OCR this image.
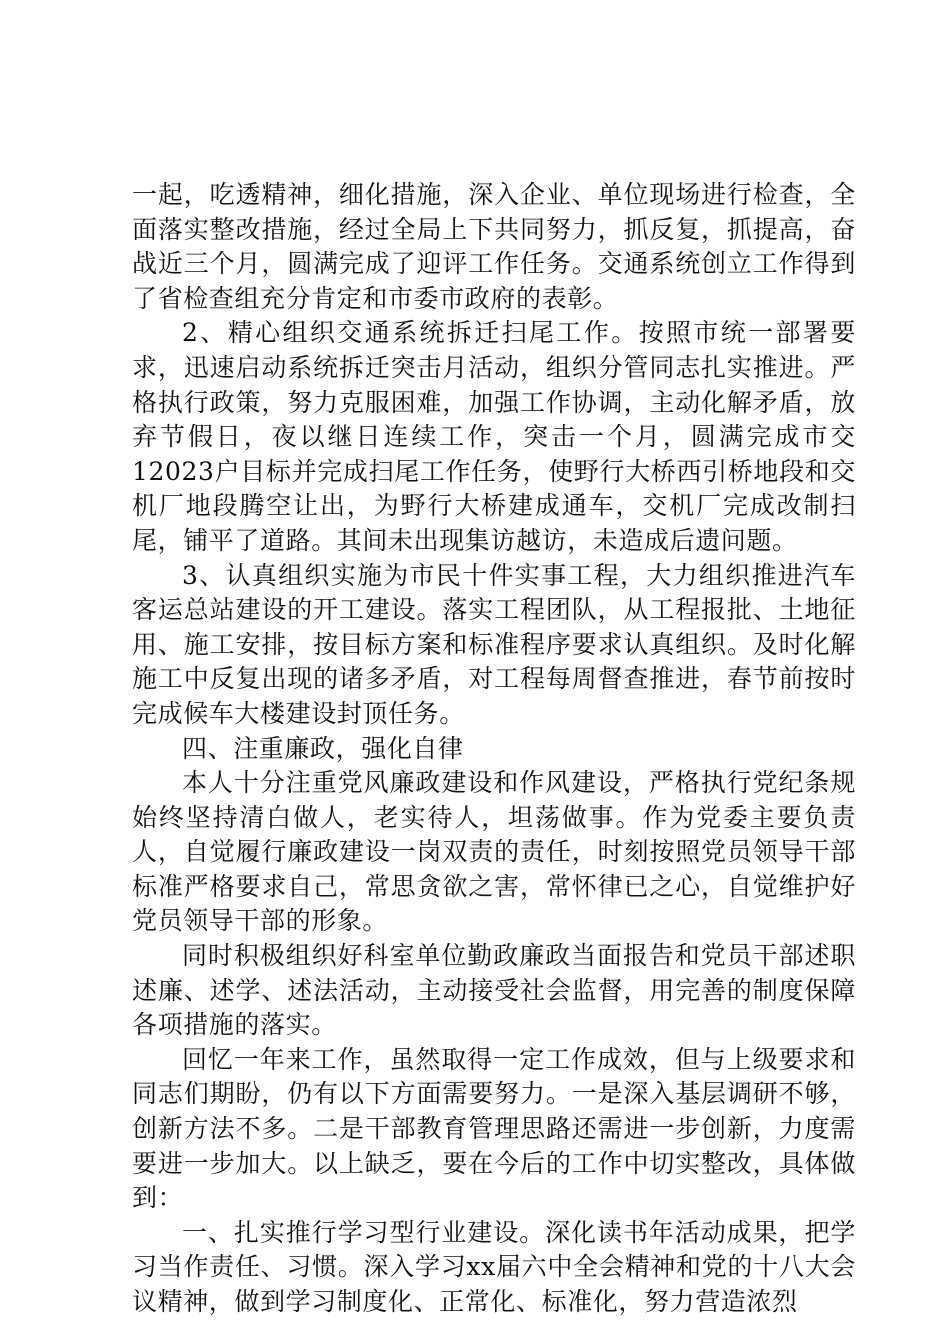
一起，吃透精神，细化措施，深入企业、单位现场进行检查，全面落实整改措施，经过全局上下共同努力，抓反复，抓提高，奋战近三个月，圆满完成了迎评工作任务。交通系统创立工作得到了省检查组充分肯定和市委市政府的表彰。

2、精心组织交通系统拆迁扫尾工作。按照市统一部署要求，迅速启动系统拆迁突击月活动，组织分管同志扎实推进。严格执行政策，努力克服困难，加强工作协调，主动化解矛盾，放弃节假日，夜以继日连续工作，突击一个月，圆满完成市交12023户目标并完成扫尾工作任务，使野行大桥西引桥地段和交机厂地段腾空让出，为野行大桥建成通车，交机厂完成改制扫尾，铺平了道路。其间未出现集访越访，未造成后遗问题。

3、认真组织实施为市民十件实事工程，大力组织推进汽车客运总站建设的开工建设。落实工程团队，从工程报批、土地征用、施工安排，按目标方案和标准程序要求认真组织。及时化解施工中反复出现的诸多矛盾，对工程每周督查推进，春节前按时完成候车大楼建设封顶任务。

四、注重廉政，强化自律

本人十分注重党风廉政建设和作风建设，严格执行党纪条规始终坚持清白做人，老实待人，坦荡做事。作为党委主要负责人，自觉履行廉政建设一岗双责的责任，时刻按照党员领导干部标准严格要求自己，常思贪欲之害，常怀律已之心，自觉维护好党员领导干部的形象。

同时积极组织好科室单位勤政廉政当面报告和党员干部述职述廉、述学、述法活动，主动接受社会监督，用完善的制度保障各项措施的落实。

回忆一年来工作，虽然取得一定工作成效，但与上级要求和同志们期盼，仍有以下方面需要努力。一是深入基层调研不够，创新方法不多。二是干部教育管理思路还需进一步创新，力度需要进一步加大。以上缺乏，要在今后的工作中切实整改，具体做到：

一、扎实推行学习型行业建设。深化读书年活动成果，把学习当作责任、习惯。深入学习xx届六中全会精神和党的十八大会议精神，做到学习制度化、正常化、标准化，努力营造浓烈
